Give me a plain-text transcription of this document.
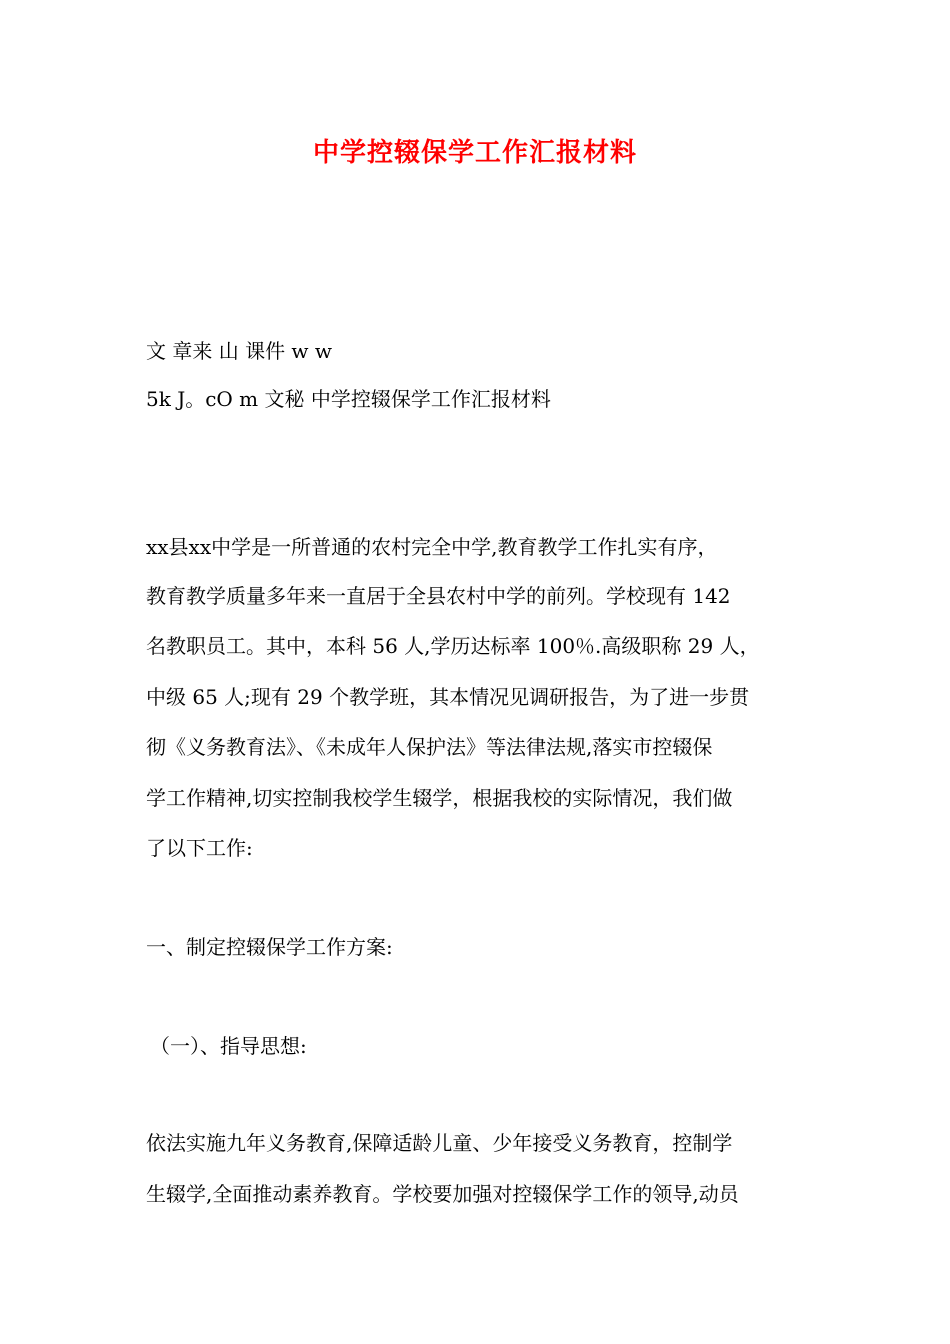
中学控辍保学工作汇报材料
文 章来 山 课件 w w
5k J。cO m 文秘 中学控辍保学工作汇报材料
xx县xx中学是一所普通的农村完全中学,教育教学工作扎实有序，
教育教学质量多年来一直居于全县农村中学的前列。学校现有 142
名教职员工。其中，本科 56 人,学历达标率 100％.高级职称 29 人，
中级 65 人;现有 29 个教学班，其本情况见调研报告，为了进一步贯
彻《义务教育法》、《未成年人保护法》等法律法规,落实市控辍保
学工作精神,切实控制我校学生辍学，根据我校的实际情况，我们做
了以下工作:
一、制定控辍保学工作方案:
（一）、指导思想:
依法实施九年义务教育,保障适龄儿童、少年接受义务教育，控制学
生辍学,全面推动素养教育。学校要加强对控辍保学工作的领导,动员
